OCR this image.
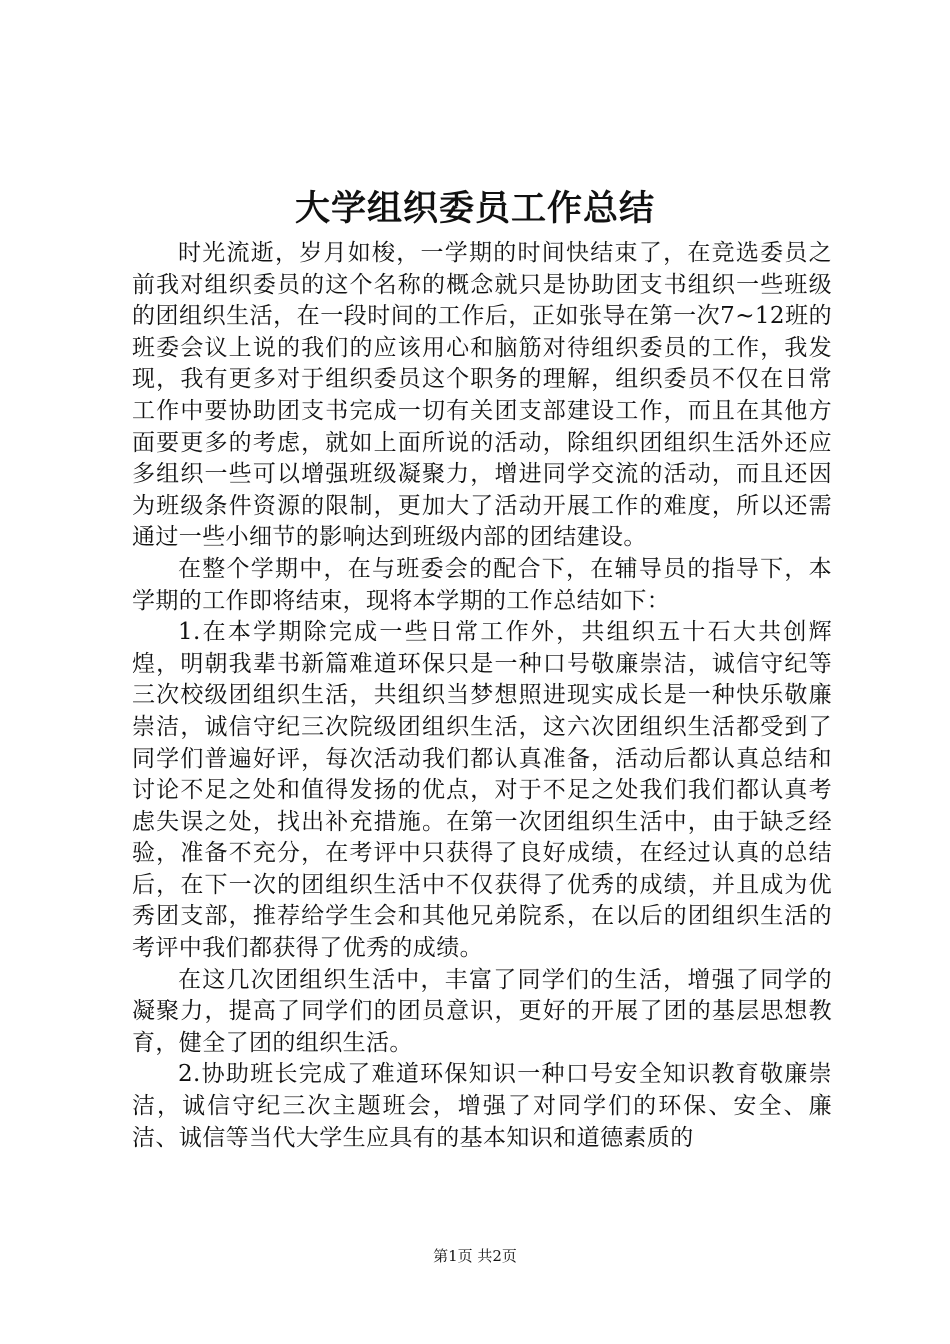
大学组织委员工作总结

时光流逝，岁月如梭，一学期的时间快结束了，在竞选委员之前我对组织委员的这个名称的概念就只是协助团支书组织一些班级的团组织生活，在一段时间的工作后，正如张导在第一次7~12班的班委会议上说的我们的应该用心和脑筋对待组织委员的工作，我发现，我有更多对于组织委员这个职务的理解，组织委员不仅在日常工作中要协助团支书完成一切有关团支部建设工作，而且在其他方面要更多的考虑，就如上面所说的活动，除组织团组织生活外还应多组织一些可以增强班级凝聚力，增进同学交流的活动，而且还因为班级条件资源的限制，更加大了活动开展工作的难度，所以还需通过一些小细节的影响达到班级内部的团结建设。

在整个学期中，在与班委会的配合下，在辅导员的指导下，本学期的工作即将结束，现将本学期的工作总结如下：

1.在本学期除完成一些日常工作外，共组织五十石大共创辉煌，明朝我辈书新篇难道环保只是一种口号敬廉崇洁，诚信守纪等三次校级团组织生活，共组织当梦想照进现实成长是一种快乐敬廉崇洁，诚信守纪三次院级团组织生活，这六次团组织生活都受到了同学们普遍好评，每次活动我们都认真准备，活动后都认真总结和讨论不足之处和值得发扬的优点，对于不足之处我们我们都认真考虑失误之处，找出补充措施。在第一次团组织生活中，由于缺乏经验，准备不充分，在考评中只获得了良好成绩，在经过认真的总结后，在下一次的团组织生活中不仅获得了优秀的成绩，并且成为优秀团支部，推荐给学生会和其他兄弟院系，在以后的团组织生活的考评中我们都获得了优秀的成绩。

在这几次团组织生活中，丰富了同学们的生活，增强了同学的凝聚力，提高了同学们的团员意识，更好的开展了团的基层思想教育，健全了团的组织生活。

2.协助班长完成了难道环保知识一种口号安全知识教育敬廉崇洁，诚信守纪三次主题班会，增强了对同学们的环保、安全、廉洁、诚信等当代大学生应具有的基本知识和道德素质的

第1页 共2页
